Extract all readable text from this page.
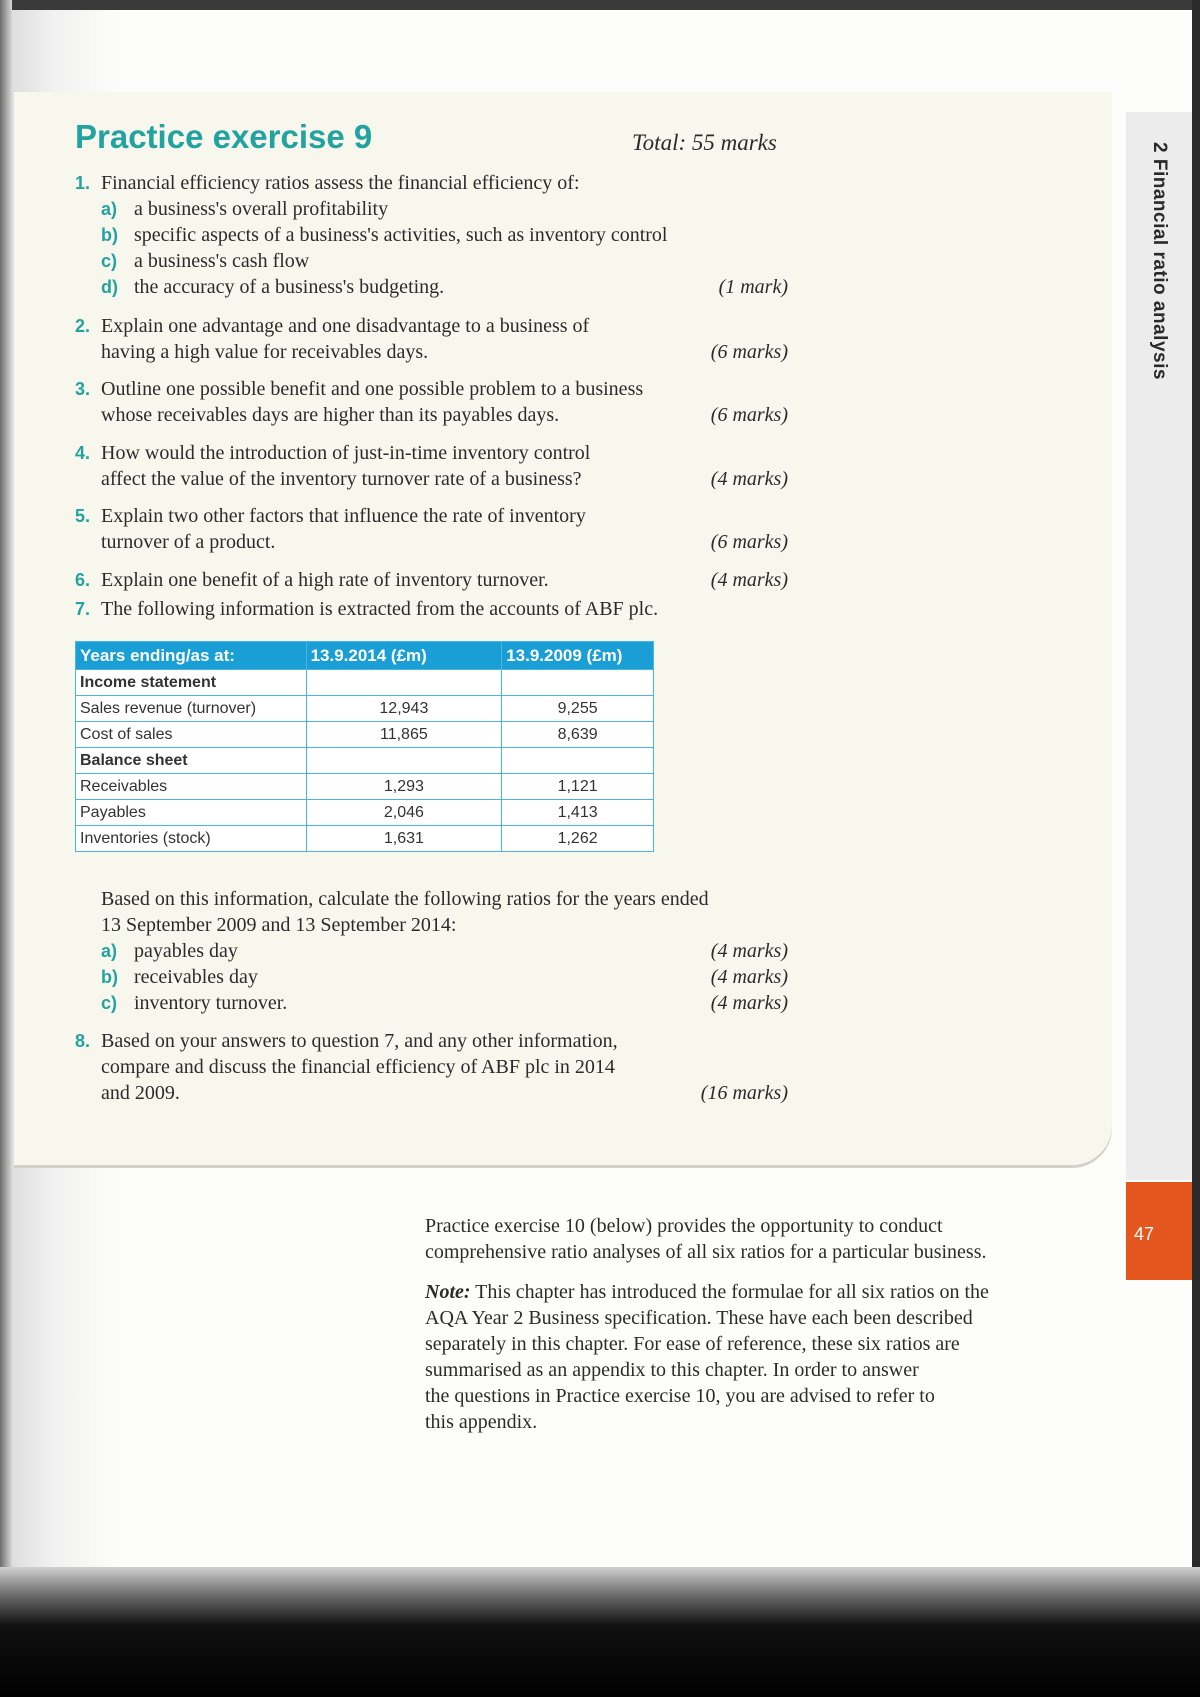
2 Financial ratio analysis
47
Practice exercise 9	Total: 55 marks
1. Financial efficiency ratios assess the financial efficiency of:
a) a business's overall profitability
b) specific aspects of a business's activities, such as inventory control
c) a business's cash flow
d) the accuracy of a business's budgeting.	(1 mark)
2. Explain one advantage and one disadvantage to a business of
having a high value for receivables days.	(6 marks)
3. Outline one possible benefit and one possible problem to a business
whose receivables days are higher than its payables days.	(6 marks)
4. How would the introduction of just-in-time inventory control
affect the value of the inventory turnover rate of a business?	(4 marks)
5. Explain two other factors that influence the rate of inventory
turnover of a product.	(6 marks)
6. Explain one benefit of a high rate of inventory turnover.	(4 marks)
7. The following information is extracted from the accounts of ABF plc.
Years ending/as at:	13.9.2014 (£m)	13.9.2009 (£m)
Income statement		
Sales revenue (turnover)	12,943	9,255
Cost of sales	11,865	8,639
Balance sheet		
Receivables	1,293	1,121
Payables	2,046	1,413
Inventories (stock)	1,631	1,262
Based on this information, calculate the following ratios for the years ended
13 September 2009 and 13 September 2014:
a) payables day	(4 marks)
b) receivables day	(4 marks)
c) inventory turnover.	(4 marks)
8. Based on your answers to question 7, and any other information,
compare and discuss the financial efficiency of ABF plc in 2014
and 2009.	(16 marks)
Practice exercise 10 (below) provides the opportunity to conduct
comprehensive ratio analyses of all six ratios for a particular business.
Note: This chapter has introduced the formulae for all six ratios on the
AQA Year 2 Business specification. These have each been described
separately in this chapter. For ease of reference, these six ratios are
summarised as an appendix to this chapter. In order to answer
the questions in Practice exercise 10, you are advised to refer to
this appendix.
